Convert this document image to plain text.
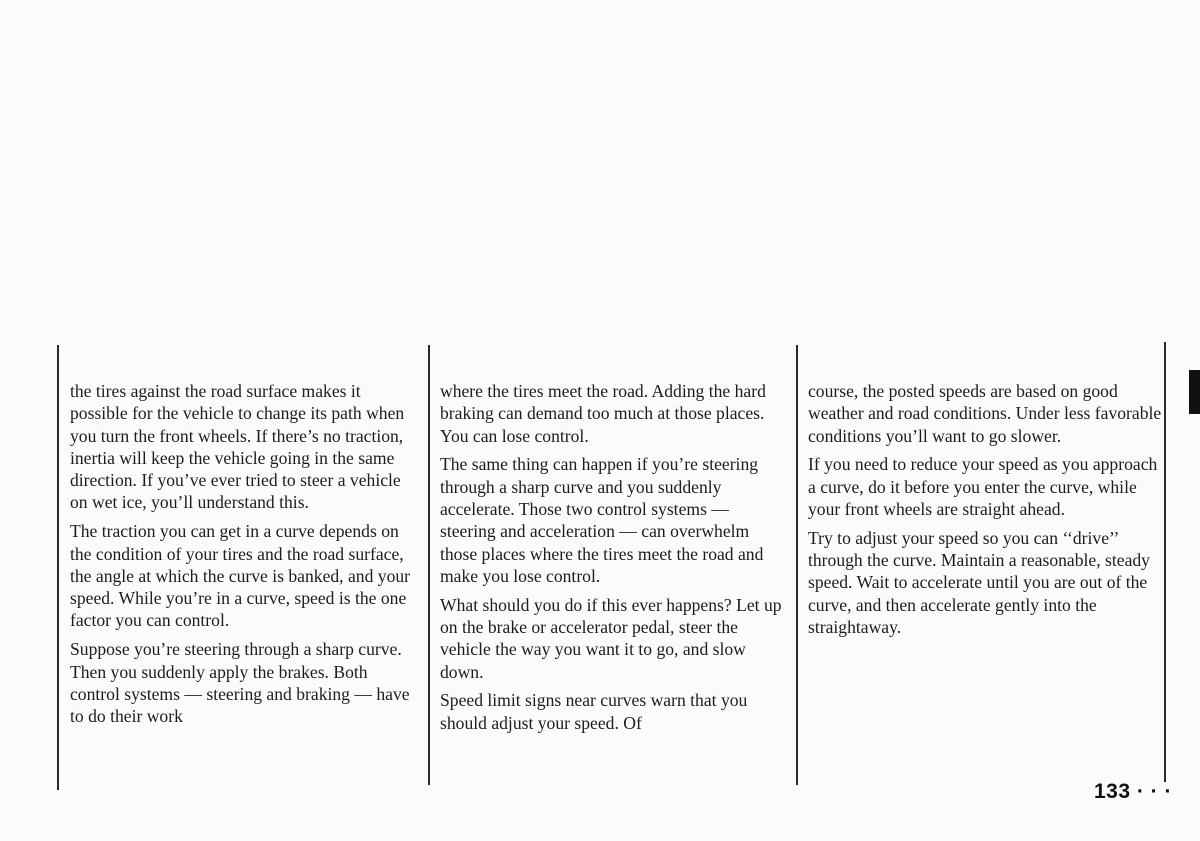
the tires against the road surface makes it possible for the vehicle to change its path when you turn the front wheels. If there’s no traction, inertia will keep the vehicle going in the same direction. If you’ve ever tried to steer a vehicle on wet ice, you’ll understand this.

The traction you can get in a curve depends on the condition of your tires and the road surface, the angle at which the curve is banked, and your speed. While you’re in a curve, speed is the one factor you can control.

Suppose you’re steering through a sharp curve. Then you suddenly apply the brakes. Both control systems — steering and braking — have to do their work

where the tires meet the road. Adding the hard braking can demand too much at those places. You can lose control.

The same thing can happen if you’re steering through a sharp curve and you suddenly accelerate. Those two control systems — steering and acceleration — can overwhelm those places where the tires meet the road and make you lose control.

What should you do if this ever happens? Let up on the brake or accelerator pedal, steer the vehicle the way you want it to go, and slow down.

Speed limit signs near curves warn that you should adjust your speed. Of

course, the posted speeds are based on good weather and road conditions. Under less favorable conditions you’ll want to go slower.

If you need to reduce your speed as you approach a curve, do it before you enter the curve, while your front wheels are straight ahead.

Try to adjust your speed so you can ‘‘drive’’ through the curve. Maintain a reasonable, steady speed. Wait to accelerate until you are out of the curve, and then accelerate gently into the straightaway.

133 · · ·
